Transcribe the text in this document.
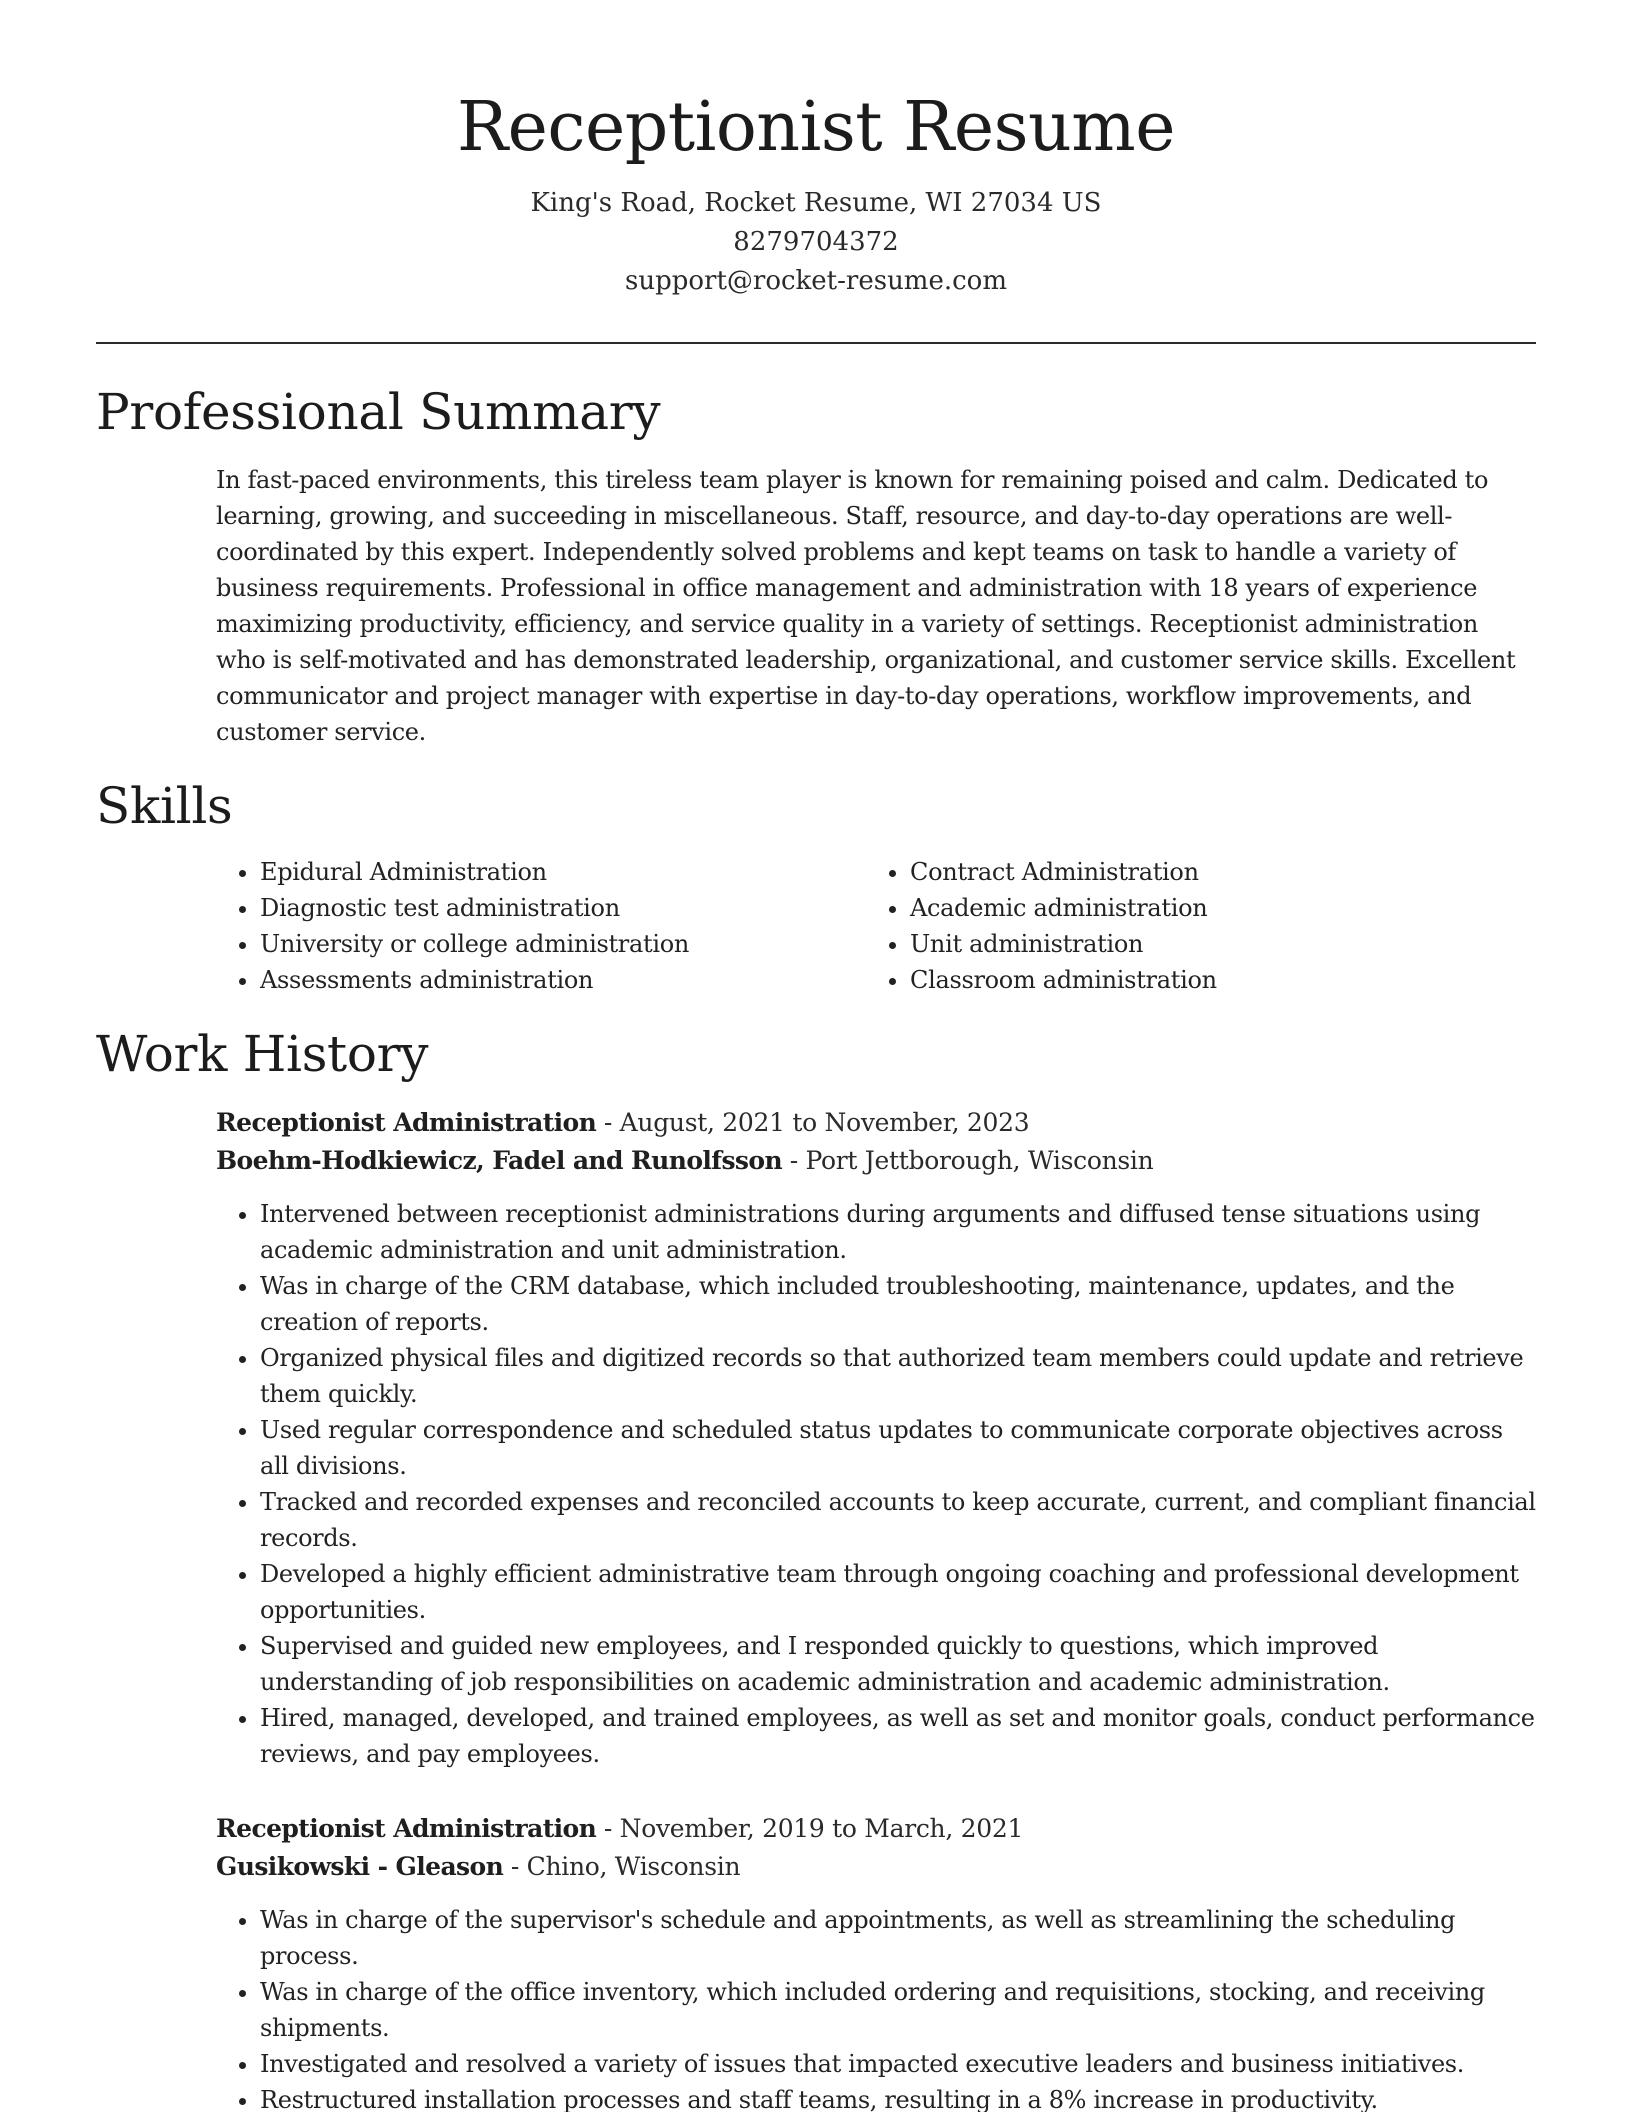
Receptionist Resume
King's Road, Rocket Resume, WI 27034 US
8279704372
support@rocket-resume.com
Professional Summary

In fast-paced environments, this tireless team player is known for remaining poised and calm. Dedicated to learning, growing, and succeeding in miscellaneous. Staff, resource, and day-to-day operations are well-coordinated by this expert. Independently solved problems and kept teams on task to handle a variety of business requirements. Professional in office management and administration with 18 years of experience maximizing productivity, efficiency, and service quality in a variety of settings. Receptionist administration who is self-motivated and has demonstrated leadership, organizational, and customer service skills. Excellent communicator and project manager with expertise in day-to-day operations, workflow improvements, and customer service.

Skills
• Epidural Administration
• Diagnostic test administration
• University or college administration
• Assessments administration
• Contract Administration
• Academic administration
• Unit administration
• Classroom administration
Work History
Receptionist Administration - August, 2021 to November, 2023
Boehm-Hodkiewicz, Fadel and Runolfsson - Port Jettborough, Wisconsin
• Intervened between receptionist administrations during arguments and diffused tense situations using academic administration and unit administration.
• Was in charge of the CRM database, which included troubleshooting, maintenance, updates, and the creation of reports.
• Organized physical files and digitized records so that authorized team members could update and retrieve them quickly.
• Used regular correspondence and scheduled status updates to communicate corporate objectives across all divisions.
• Tracked and recorded expenses and reconciled accounts to keep accurate, current, and compliant financial records.
• Developed a highly efficient administrative team through ongoing coaching and professional development opportunities.
• Supervised and guided new employees, and I responded quickly to questions, which improved understanding of job responsibilities on academic administration and academic administration.
• Hired, managed, developed, and trained employees, as well as set and monitor goals, conduct performance reviews, and pay employees.
Receptionist Administration - November, 2019 to March, 2021
Gusikowski - Gleason - Chino, Wisconsin
• Was in charge of the supervisor's schedule and appointments, as well as streamlining the scheduling process.
• Was in charge of the office inventory, which included ordering and requisitions, stocking, and receiving shipments.
• Investigated and resolved a variety of issues that impacted executive leaders and business initiatives.
• Restructured installation processes and staff teams, resulting in a 8% increase in productivity.
